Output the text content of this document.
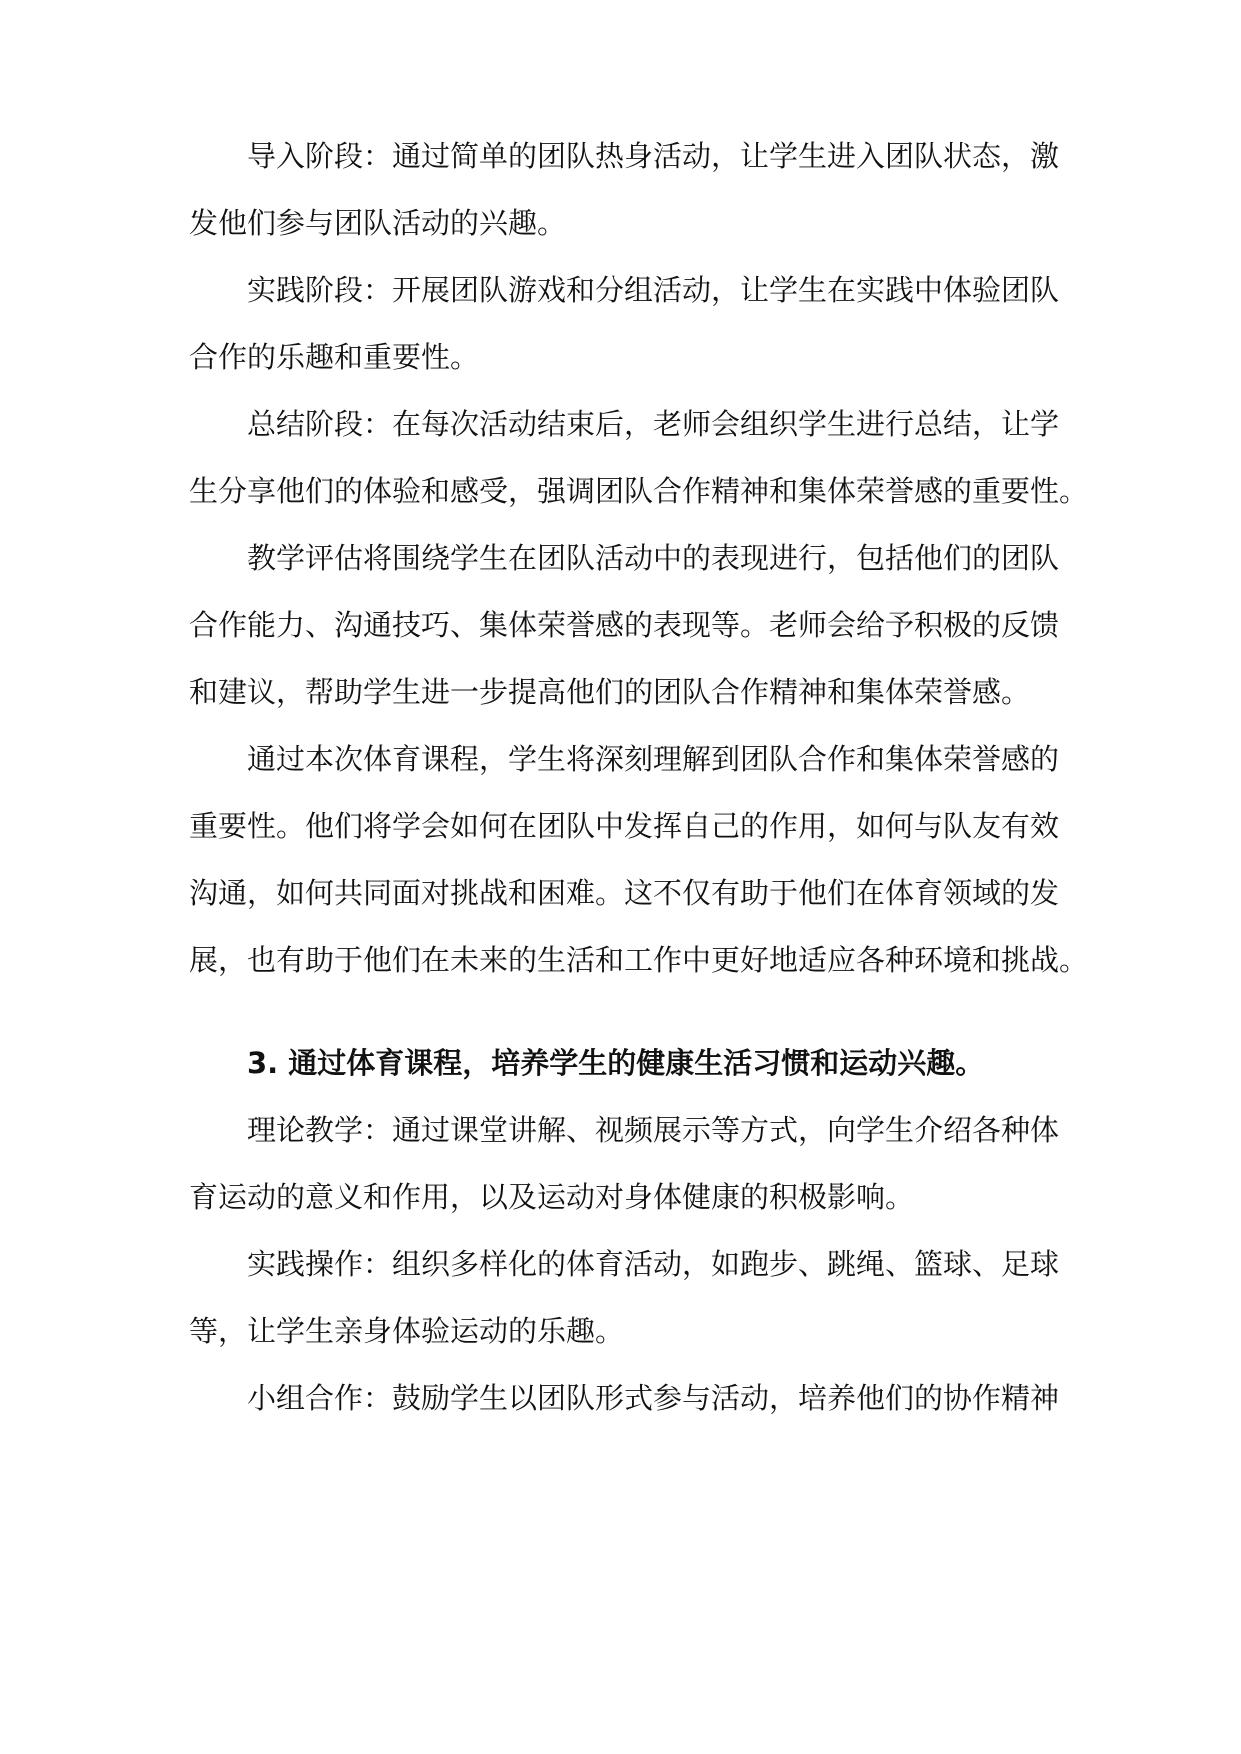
导入阶段：通过简单的团队热身活动，让学生进入团队状态，激
发他们参与团队活动的兴趣。
实践阶段：开展团队游戏和分组活动，让学生在实践中体验团队
合作的乐趣和重要性。
总结阶段：在每次活动结束后，老师会组织学生进行总结，让学
生分享他们的体验和感受，强调团队合作精神和集体荣誉感的重要性。
教学评估将围绕学生在团队活动中的表现进行，包括他们的团队
合作能力、沟通技巧、集体荣誉感的表现等。老师会给予积极的反馈
和建议，帮助学生进一步提高他们的团队合作精神和集体荣誉感。
通过本次体育课程，学生将深刻理解到团队合作和集体荣誉感的
重要性。他们将学会如何在团队中发挥自己的作用，如何与队友有效
沟通，如何共同面对挑战和困难。这不仅有助于他们在体育领域的发
展，也有助于他们在未来的生活和工作中更好地适应各种环境和挑战。
3. 通过体育课程，培养学生的健康生活习惯和运动兴趣。
理论教学：通过课堂讲解、视频展示等方式，向学生介绍各种体
育运动的意义和作用，以及运动对身体健康的积极影响。
实践操作：组织多样化的体育活动，如跑步、跳绳、篮球、足球
等，让学生亲身体验运动的乐趣。
小组合作：鼓励学生以团队形式参与活动，培养他们的协作精神
